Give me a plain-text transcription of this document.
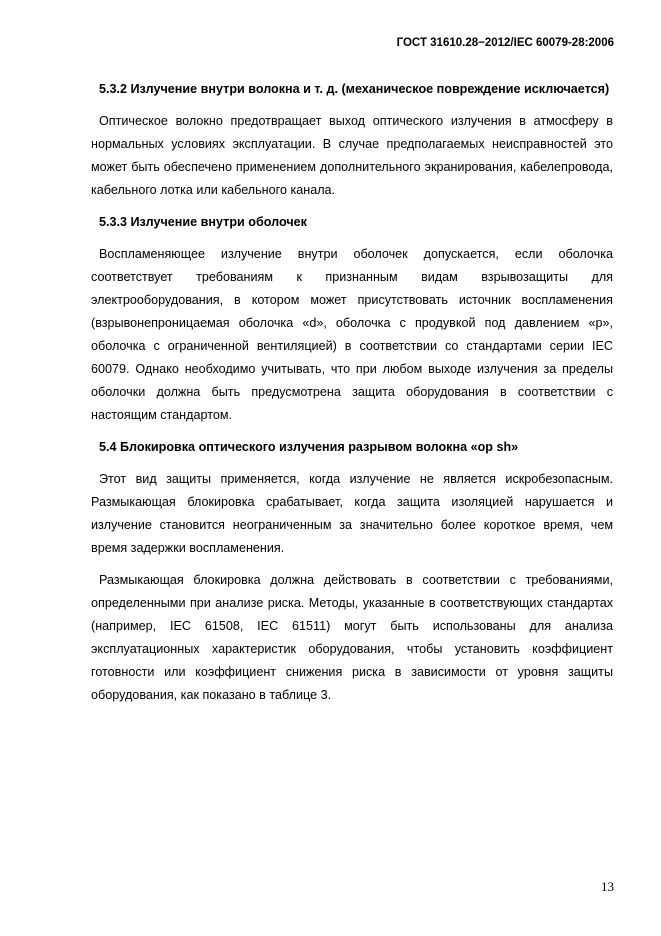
ГОСТ 31610.28−2012/IEC 60079-28:2006

5.3.2 Излучение внутри волокна и т. д. (механическое повреждение исключается)

Оптическое волокно предотвращает выход оптического излучения в атмосферу в нормальных условиях эксплуатации. В случае предполагаемых неисправностей это может быть обеспечено применением дополнительного экранирования, кабелепровода, кабельного лотка или кабельного канала.

5.3.3 Излучение внутри оболочек

Воспламеняющее излучение внутри оболочек допускается, если оболочка соответствует требованиям к признанным видам взрывозащиты для электрооборудования, в котором может присутствовать источник воспламенения (взрывонепроницаемая оболочка «d», оболочка с продувкой под давлением «p», оболочка с ограниченной вентиляцией) в соответствии со стандартами серии IEC 60079. Однако необходимо учитывать, что при любом выходе излучения за пределы оболочки должна быть предусмотрена защита оборудования в соответствии с настоящим стандартом.

5.4 Блокировка оптического излучения разрывом волокна «op sh»

Этот вид защиты применяется, когда излучение не является искробезопасным. Размыкающая блокировка срабатывает, когда защита изоляцией нарушается и излучение становится неограниченным за значительно более короткое время, чем время задержки воспламенения.

Размыкающая блокировка должна действовать в соответствии с требованиями, определенными при анализе риска. Методы, указанные в соответствующих стандартах (например, IEC 61508, IEC 61511) могут быть использованы для анализа эксплуатационных характеристик оборудования, чтобы установить коэффициент готовности или коэффициент снижения риска в зависимости от уровня защиты оборудования, как показано в таблице 3.

13
